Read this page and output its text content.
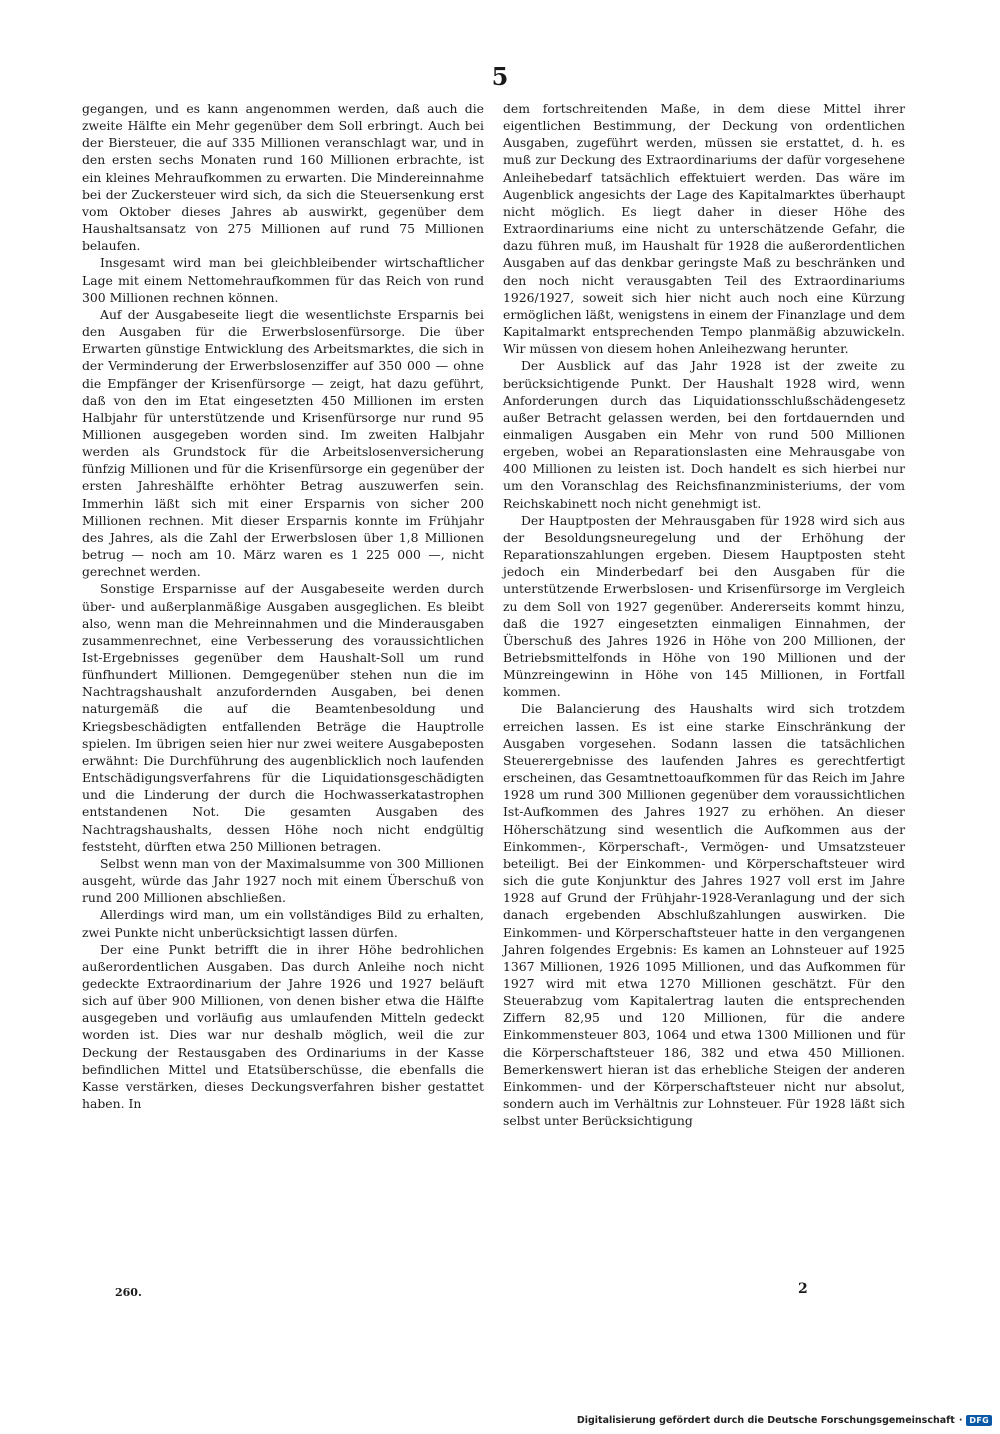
5

gegangen, und es kann angenommen werden, daß auch die zweite Hälfte ein Mehr gegenüber dem Soll erbringt. Auch bei der Biersteuer, die auf 335 Millionen veranschlagt war, und in den ersten sechs Monaten rund 160 Millionen erbrachte, ist ein kleines Mehraufkommen zu erwarten. Die Mindereinnahme bei der Zuckersteuer wird sich, da sich die Steuersenkung erst vom Oktober dieses Jahres ab auswirkt, gegenüber dem Haushaltsansatz von 275 Millionen auf rund 75 Millionen belaufen.

Insgesamt wird man bei gleichbleibender wirtschaftlicher Lage mit einem Nettomehraufkommen für das Reich von rund 300 Millionen rechnen können.

Auf der Ausgabeseite liegt die wesentlichste Ersparnis bei den Ausgaben für die Erwerbslosenfürsorge. Die über Erwarten günstige Entwicklung des Arbeitsmarktes, die sich in der Verminderung der Erwerbslosenziffer auf 350 000 — ohne die Empfänger der Krisenfürsorge — zeigt, hat dazu geführt, daß von den im Etat eingesetzten 450 Millionen im ersten Halbjahr für unterstützende und Krisenfürsorge nur rund 95 Millionen ausgegeben worden sind. Im zweiten Halbjahr werden als Grundstock für die Arbeitslosenversicherung fünfzig Millionen und für die Krisenfürsorge ein gegenüber der ersten Jahreshälfte erhöhter Betrag auszuwerfen sein. Immerhin läßt sich mit einer Ersparnis von sicher 200 Millionen rechnen. Mit dieser Ersparnis konnte im Frühjahr des Jahres, als die Zahl der Erwerbslosen über 1,8 Millionen betrug — noch am 10. März waren es 1 225 000 —, nicht gerechnet werden.

Sonstige Ersparnisse auf der Ausgabeseite werden durch über- und außerplanmäßige Ausgaben ausgeglichen. Es bleibt also, wenn man die Mehreinnahmen und die Minderausgaben zusammenrechnet, eine Verbesserung des voraussichtlichen Ist-Ergebnisses gegenüber dem Haushalt-Soll um rund fünfhundert Millionen. Demgegenüber stehen nun die im Nachtragshaushalt anzufordernden Ausgaben, bei denen naturgemäß die auf die Beamtenbesoldung und Kriegsbeschädigten entfallenden Beträge die Hauptrolle spielen. Im übrigen seien hier nur zwei weitere Ausgabeposten erwähnt: Die Durchführung des augenblicklich noch laufenden Entschädigungsverfahrens für die Liquidationsgeschädigten und die Linderung der durch die Hochwasserkatastrophen entstandenen Not. Die gesamten Ausgaben des Nachtragshaushalts, dessen Höhe noch nicht endgültig feststeht, dürften etwa 250 Millionen betragen.

Selbst wenn man von der Maximalsumme von 300 Millionen ausgeht, würde das Jahr 1927 noch mit einem Überschuß von rund 200 Millionen abschließen.

Allerdings wird man, um ein vollständiges Bild zu erhalten, zwei Punkte nicht unberücksichtigt lassen dürfen.

Der eine Punkt betrifft die in ihrer Höhe bedrohlichen außerordentlichen Ausgaben. Das durch Anleihe noch nicht gedeckte Extraordinarium der Jahre 1926 und 1927 beläuft sich auf über 900 Millionen, von denen bisher etwa die Hälfte ausgegeben und vorläufig aus umlaufenden Mitteln gedeckt worden ist. Dies war nur deshalb möglich, weil die zur Deckung der Restausgaben des Ordinariums in der Kasse befindlichen Mittel und Etatsüberschüsse, die ebenfalls die Kasse verstärken, dieses Deckungsverfahren bisher gestattet haben. In

dem fortschreitenden Maße, in dem diese Mittel ihrer eigentlichen Bestimmung, der Deckung von ordentlichen Ausgaben, zugeführt werden, müssen sie erstattet, d. h. es muß zur Deckung des Extraordinariums der dafür vorgesehene Anleihebedarf tatsächlich effektuiert werden. Das wäre im Augenblick angesichts der Lage des Kapitalmarktes überhaupt nicht möglich. Es liegt daher in dieser Höhe des Extraordinariums eine nicht zu unterschätzende Gefahr, die dazu führen muß, im Haushalt für 1928 die außerordentlichen Ausgaben auf das denkbar geringste Maß zu beschränken und den noch nicht verausgabten Teil des Extraordinariums 1926/1927, soweit sich hier nicht auch noch eine Kürzung ermöglichen läßt, wenigstens in einem der Finanzlage und dem Kapitalmarkt entsprechenden Tempo planmäßig abzuwickeln. Wir müssen von diesem hohen Anleihezwang herunter.

Der Ausblick auf das Jahr 1928 ist der zweite zu berücksichtigende Punkt. Der Haushalt 1928 wird, wenn Anforderungen durch das Liquidationsschlußschädengesetz außer Betracht gelassen werden, bei den fortdauernden und einmaligen Ausgaben ein Mehr von rund 500 Millionen ergeben, wobei an Reparationslasten eine Mehrausgabe von 400 Millionen zu leisten ist. Doch handelt es sich hierbei nur um den Voranschlag des Reichsfinanzministeriums, der vom Reichskabinett noch nicht genehmigt ist.

Der Hauptposten der Mehrausgaben für 1928 wird sich aus der Besoldungsneuregelung und der Erhöhung der Reparationszahlungen ergeben. Diesem Hauptposten steht jedoch ein Minderbedarf bei den Ausgaben für die unterstützende Erwerbslosen- und Krisenfürsorge im Vergleich zu dem Soll von 1927 gegenüber. Andererseits kommt hinzu, daß die 1927 eingesetzten einmaligen Einnahmen, der Überschuß des Jahres 1926 in Höhe von 200 Millionen, der Betriebsmittelfonds in Höhe von 190 Millionen und der Münzreingewinn in Höhe von 145 Millionen, in Fortfall kommen.

Die Balancierung des Haushalts wird sich trotzdem erreichen lassen. Es ist eine starke Einschränkung der Ausgaben vorgesehen. Sodann lassen die tatsächlichen Steuerergebnisse des laufenden Jahres es gerechtfertigt erscheinen, das Gesamtnettoaufkommen für das Reich im Jahre 1928 um rund 300 Millionen gegenüber dem voraussichtlichen Ist-Aufkommen des Jahres 1927 zu erhöhen. An dieser Höherschätzung sind wesentlich die Aufkommen aus der Einkommen-, Körperschaft-, Vermögen- und Umsatzsteuer beteiligt. Bei der Einkommen- und Körperschaftsteuer wird sich die gute Konjunktur des Jahres 1927 voll erst im Jahre 1928 auf Grund der Frühjahr-1928-Veranlagung und der sich danach ergebenden Abschlußzahlungen auswirken. Die Einkommen- und Körperschaftsteuer hatte in den vergangenen Jahren folgendes Ergebnis: Es kamen an Lohnsteuer auf 1925 1367 Millionen, 1926 1095 Millionen, und das Aufkommen für 1927 wird mit etwa 1270 Millionen geschätzt. Für den Steuerabzug vom Kapitalertrag lauten die entsprechenden Ziffern 82,95 und 120 Millionen, für die andere Einkommensteuer 803, 1064 und etwa 1300 Millionen und für die Körperschaftsteuer 186, 382 und etwa 450 Millionen. Bemerkenswert hieran ist das erhebliche Steigen der anderen Einkommen- und der Körperschaftsteuer nicht nur absolut, sondern auch im Verhältnis zur Lohnsteuer. Für 1928 läßt sich selbst unter Berücksichtigung

260.	2
Digitalisierung gefördert durch die Deutsche Forschungsgemeinschaft · DFG
